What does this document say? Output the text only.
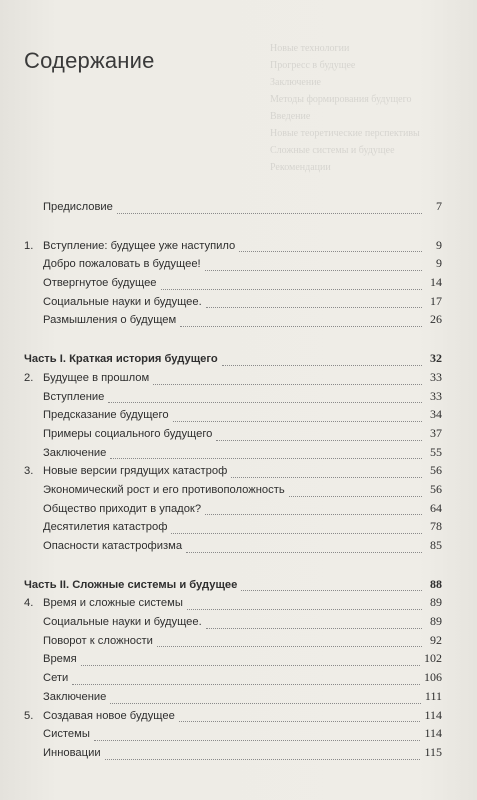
Новые технологии
Прогресс в будущее
Заключение
Методы формирования будущего
Введение
Новые теоретические перспективы
Сложные системы и будущее
Рекомендации
Содержание
Предисловие	7
1. Вступление: будущее уже наступило	9
Добро пожаловать в будущее!	9
Отвергнутое будущее	14
Социальные науки и будущее.	17
Размышления о будущем	26
Часть I. Краткая история будущего	32
2. Будущее в прошлом	33
Вступление	33
Предсказание будущего	34
Примеры социального будущего	37
Заключение	55
3. Новые версии грядущих катастроф	56
Экономический рост и его противоположность	56
Общество приходит в упадок?	64
Десятилетия катастроф	78
Опасности катастрофизма	85
Часть II. Сложные системы и будущее	88
4. Время и сложные системы	89
Социальные науки и будущее.	89
Поворот к сложности	92
Время	102
Сети	106
Заключение	111
5. Создавая новое будущее	114
Системы	114
Инновации	115
